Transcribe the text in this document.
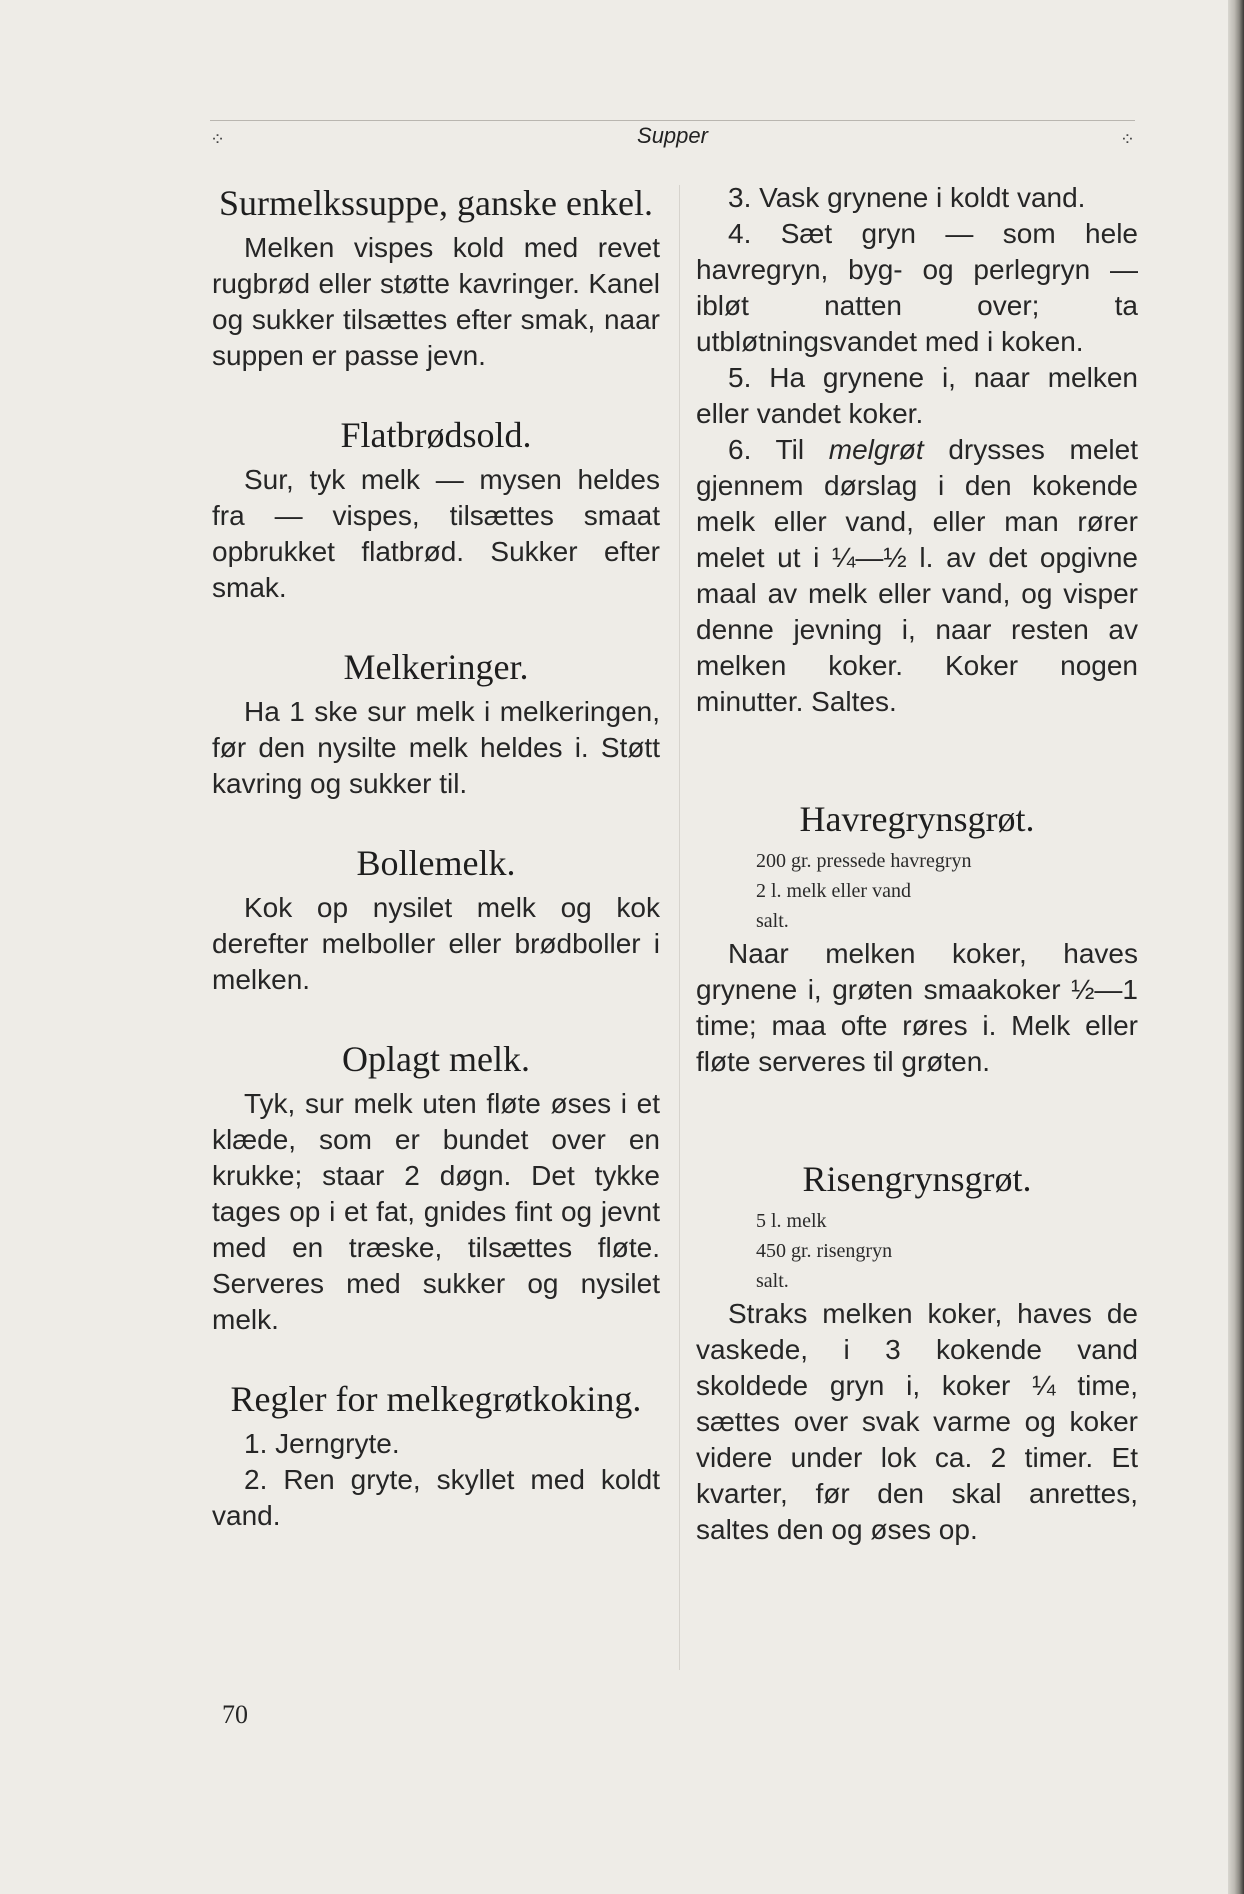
⁘	Supper	⁘
Surmelkssuppe, ganske enkel.

Melken vispes kold med revet rugbrød eller støtte kavringer. Kanel og sukker tilsættes efter smak, naar suppen er passe jevn.

Flatbrødsold.

Sur, tyk melk — mysen heldes fra — vispes, tilsættes smaat opbrukket flatbrød. Sukker efter smak.

Melkeringer.

Ha 1 ske sur melk i melkeringen, før den nysilte melk heldes i. Støtt kavring og sukker til.

Bollemelk.

Kok op nysilet melk og kok derefter melboller eller brødboller i melken.

Oplagt melk.

Tyk, sur melk uten fløte øses i et klæde, som er bundet over en krukke; staar 2 døgn. Det tykke tages op i et fat, gnides fint og jevnt med en træske, tilsættes fløte. Serveres med sukker og nysilet melk.

Regler for melkegrøtkoking.

1. Jerngryte.

2. Ren gryte, skyllet med koldt vand.

3. Vask grynene i koldt vand.

4. Sæt gryn — som hele havregryn, byg- og perlegryn — ibløt natten over; ta utbløtningsvandet med i koken.

5. Ha grynene i, naar melken eller vandet koker.

6. Til melgrøt drysses melet gjennem dørslag i den kokende melk eller vand, eller man rører melet ut i ¼—½ l. av det opgivne maal av melk eller vand, og visper denne jevning i, naar resten av melken koker. Koker nogen minutter. Saltes.

Havregrynsgrøt.
200 gr. pressede havregryn
2 l. melk eller vand
salt.

Naar melken koker, haves grynene i, grøten smaakoker ½—1 time; maa ofte røres i. Melk eller fløte serveres til grøten.

Risengrynsgrøt.
5 l. melk
450 gr. risengryn
salt.

Straks melken koker, haves de vaskede, i 3 kokende vand skoldede gryn i, koker ¼ time, sættes over svak varme og koker videre under lok ca. 2 timer. Et kvarter, før den skal anrettes, saltes den og øses op.

70
